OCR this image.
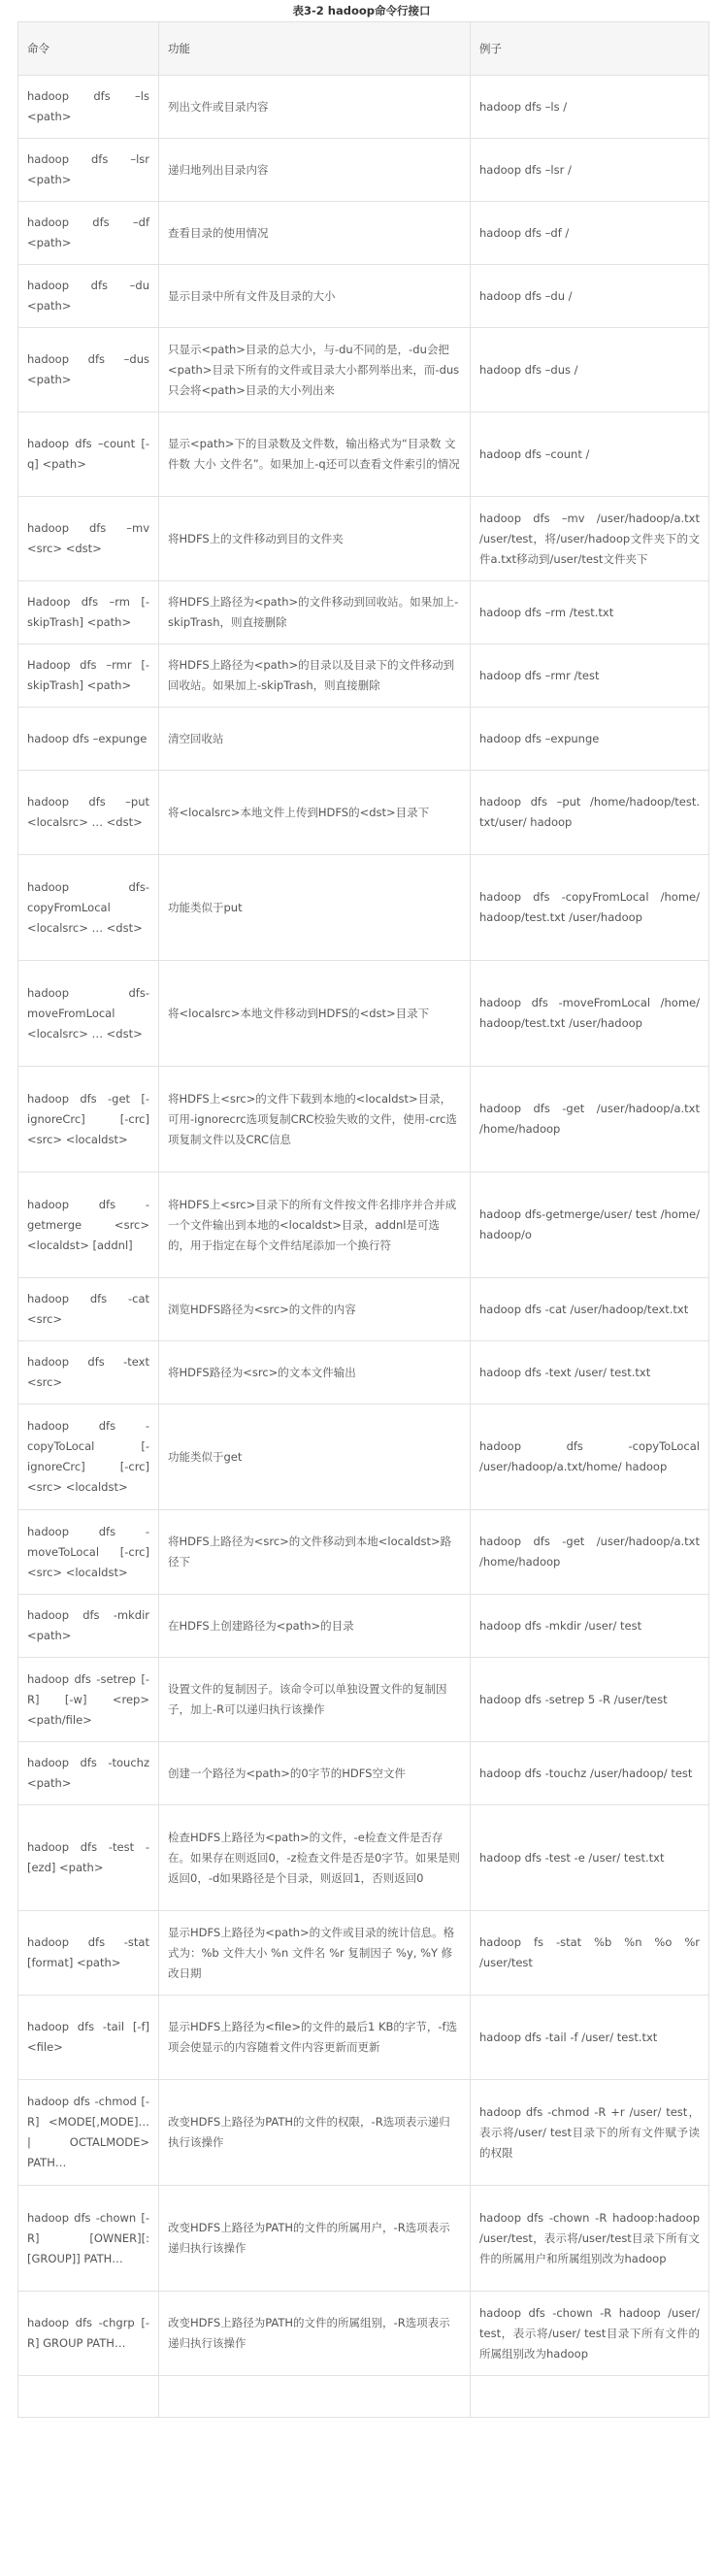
表3-2 hadoop命令行接口
命令	功能	例子
hadoop dfs –ls <path>	列出文件或目录内容	hadoop dfs –ls /
hadoop dfs –lsr <path>	递归地列出目录内容	hadoop dfs –lsr /
hadoop dfs –df <path>	查看目录的使用情况	hadoop dfs –df /
hadoop dfs –du <path>	显示目录中所有文件及目录的大小	hadoop dfs –du /
hadoop dfs –dus <path>	只显示<path>目录的总大小，与-du不同的是，-du会把<path>目录下所有的文件或目录大小都列举出来，而-dus只会将<path>目录的大小列出来	hadoop dfs –dus /
hadoop dfs –count [-q] <path>	显示<path>下的目录数及文件数，输出格式为“目录数 文件数 大小 文件名”。如果加上-q还可以查看文件索引的情况	hadoop dfs –count /
hadoop dfs –mv <src> <dst>	将HDFS上的文件移动到目的文件夹	hadoop dfs –mv /user/hadoop/a.txt /user/test，将/user/hadoop文件夹下的文件a.txt移动到/user/test文件夹下
Hadoop dfs –rm [-skipTrash] <path>	将HDFS上路径为<path>的文件移动到回收站。如果加上-skipTrash，则直接删除	hadoop dfs –rm /test.txt
Hadoop dfs –rmr [-skipTrash] <path>	将HDFS上路径为<path>的目录以及目录下的文件移动到回收站。如果加上-skipTrash，则直接删除	hadoop dfs –rmr /test
hadoop dfs –expunge	清空回收站	hadoop dfs –expunge
hadoop dfs –put <localsrc> … <dst>	将<localsrc>本地文件上传到HDFS的<dst>目录下	hadoop dfs –put /home/hadoop/test. txt/user/ hadoop
hadoop dfs-copyFromLocal <localsrc> … <dst>	功能类似于put	hadoop dfs -copyFromLocal /home/ hadoop/test.txt /user/hadoop
hadoop dfs-moveFromLocal <localsrc> … <dst>	将<localsrc>本地文件移动到HDFS的<dst>目录下	hadoop dfs -moveFromLocal /home/ hadoop/test.txt /user/hadoop
hadoop dfs -get [-ignoreCrc] [-crc] <src> <localdst>	将HDFS上<src>的文件下载到本地的<localdst>目录，可用-ignorecrc选项复制CRC校验失败的文件，使用-crc选项复制文件以及CRC信息	hadoop dfs -get /user/hadoop/a.txt /home/hadoop
hadoop dfs -getmerge <src> <localdst> [addnl]	将HDFS上<src>目录下的所有文件按文件名排序并合并成一个文件输出到本地的<localdst>目录，addnl是可选的，用于指定在每个文件结尾添加一个换行符	hadoop dfs-getmerge/user/ test /home/ hadoop/o
hadoop dfs -cat <src>	浏览HDFS路径为<src>的文件的内容	hadoop dfs -cat /user/hadoop/text.txt
hadoop dfs -text <src>	将HDFS路径为<src>的文本文件输出	hadoop dfs -text /user/ test.txt
hadoop dfs -copyToLocal [-ignoreCrc] [-crc] <src> <localdst>	功能类似于get	hadoop dfs -copyToLocal /user/hadoop/a.txt/home/ hadoop
hadoop dfs -moveToLocal [-crc] <src> <localdst>	将HDFS上路径为<src>的文件移动到本地<localdst>路径下	hadoop dfs -get /user/hadoop/a.txt /home/hadoop
hadoop dfs -mkdir <path>	在HDFS上创建路径为<path>的目录	hadoop dfs -mkdir /user/ test
hadoop dfs -setrep [-R] [-w] <rep> <path/file>	设置文件的复制因子。该命令可以单独设置文件的复制因子，加上-R可以递归执行该操作	hadoop dfs -setrep 5 -R /user/test
hadoop dfs -touchz <path>	创建一个路径为<path>的0字节的HDFS空文件	hadoop dfs -touchz /user/hadoop/ test
hadoop dfs -test -[ezd] <path>	检查HDFS上路径为<path>的文件，-e检查文件是否存在。如果存在则返回0，-z检查文件是否是0字节。如果是则返回0，-d如果路径是个目录，则返回1，否则返回0	hadoop dfs -test -e /user/ test.txt
hadoop dfs -stat [format] <path>	显示HDFS上路径为<path>的文件或目录的统计信息。格式为：%b 文件大小 %n 文件名 %r 复制因子 %y, %Y 修改日期	hadoop fs -stat %b %n %o %r /user/test
hadoop dfs -tail [-f] <file>	显示HDFS上路径为<file>的文件的最后1 KB的字节，-f选项会使显示的内容随着文件内容更新而更新	hadoop dfs -tail -f /user/ test.txt
hadoop dfs -chmod [-R] <MODE[,MODE]… | OCTALMODE> PATH…	改变HDFS上路径为PATH的文件的权限，-R选项表示递归执行该操作	hadoop dfs -chmod -R +r /user/ test，表示将/user/ test目录下的所有文件赋予读的权限
hadoop dfs -chown [-R] [OWNER][:[GROUP]] PATH…	改变HDFS上路径为PATH的文件的所属用户，-R选项表示递归执行该操作	hadoop dfs -chown -R hadoop:hadoop /user/test，表示将/user/test目录下所有文件的所属用户和所属组别改为hadoop
hadoop dfs -chgrp [-R] GROUP PATH…	改变HDFS上路径为PATH的文件的所属组别，-R选项表示递归执行该操作	hadoop dfs -chown -R hadoop /user/ test，表示将/user/ test目录下所有文件的所属组别改为hadoop
